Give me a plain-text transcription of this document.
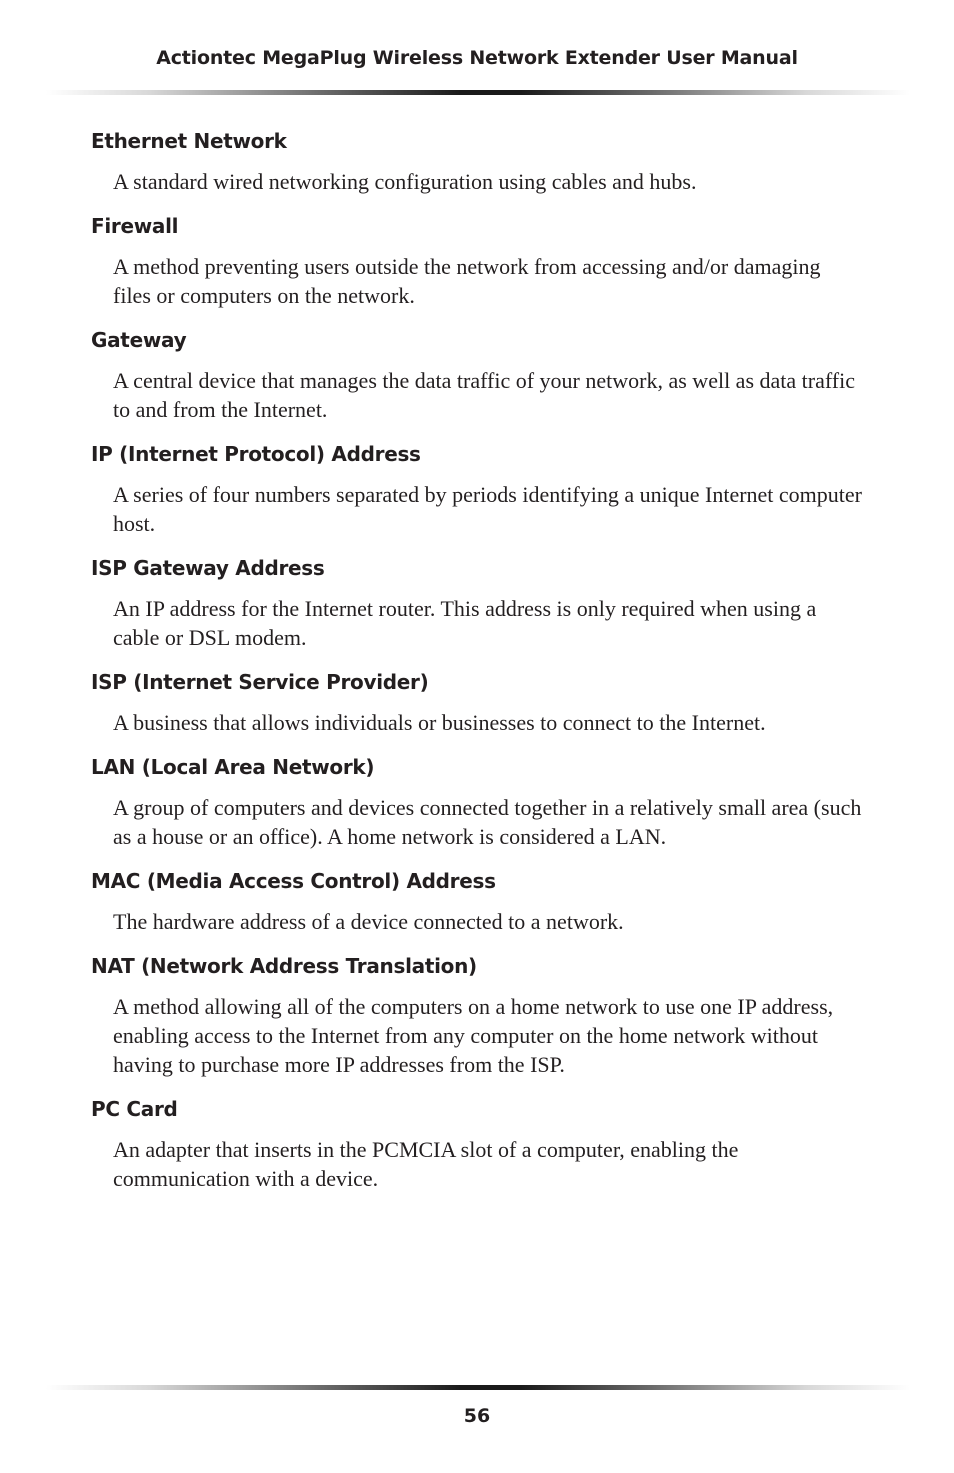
Actiontec MegaPlug Wireless Network Extender User Manual
Ethernet Network
A standard wired networking configuration using cables and hubs.
Firewall
A method preventing users outside the network from accessing and/or damaging files or computers on the network.
Gateway
A central device that manages the data traffic of your network, as well as data traffic to and from the Internet.
IP (Internet Protocol) Address
A series of four numbers separated by periods identifying a unique Internet computer host.
ISP Gateway Address
An IP address for the Internet router. This address is only required when using a cable or DSL modem.
ISP (Internet Service Provider)
A business that allows individuals or businesses to connect to the Internet.
LAN (Local Area Network)
A group of computers and devices connected together in a relatively small area (such as a house or an office). A home network is considered a LAN.
MAC (Media Access Control) Address
The hardware address of a device connected to a network.
NAT (Network Address Translation)
A method allowing all of the computers on a home network to use one IP address, enabling access to the Internet from any computer on the home network without having to purchase more IP addresses from the ISP.
PC Card
An adapter that inserts in the PCMCIA slot of a computer, enabling the communication with a device.
56
